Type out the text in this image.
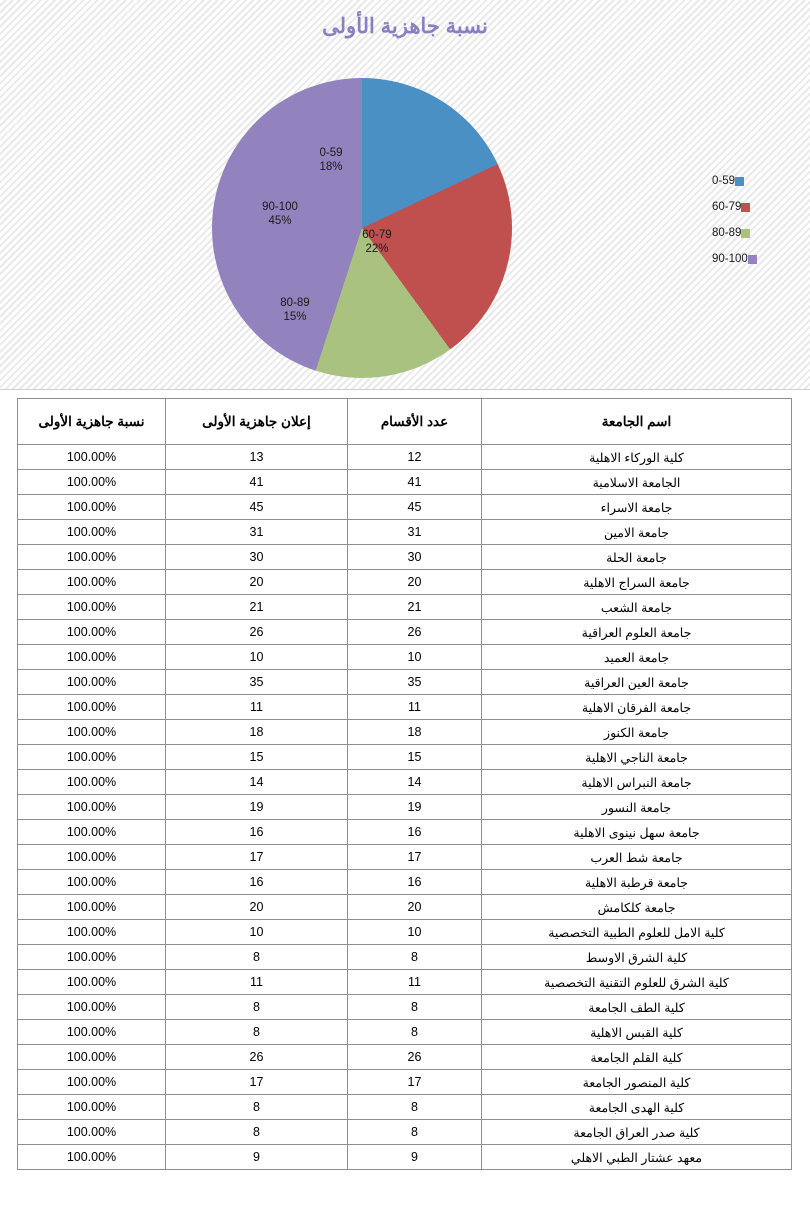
نسبة جاهزية الأولى
0-59
18%
60-79
22%
80-89
15%
90-100
45%
0-59
60-79
80-89
90-100
اسم الجامعة	عدد الأقسام	إعلان جاهزية الأولى	نسبة جاهزية الأولى
كلية الوركاء الاهلية	12	13	100.00%
الجامعة الاسلامية	41	41	100.00%
جامعة الاسراء	45	45	100.00%
جامعة الامين	31	31	100.00%
جامعة الحلة	30	30	100.00%
جامعة السراج الاهلية	20	20	100.00%
جامعة الشعب	21	21	100.00%
جامعة العلوم العراقية	26	26	100.00%
جامعة العميد	10	10	100.00%
جامعة العين العراقية	35	35	100.00%
جامعة الفرقان الاهلية	11	11	100.00%
جامعة الكنوز	18	18	100.00%
جامعة الناجي الاهلية	15	15	100.00%
جامعة النبراس الاهلية	14	14	100.00%
جامعة النسور	19	19	100.00%
جامعة سهل نينوى الاهلية	16	16	100.00%
جامعة شط العرب	17	17	100.00%
جامعة قرطبة الاهلية	16	16	100.00%
جامعة كلكامش	20	20	100.00%
كلية الامل للعلوم الطبية التخصصية	10	10	100.00%
كلية الشرق الاوسط	8	8	100.00%
كلية الشرق للعلوم التقنية التخصصية	11	11	100.00%
كلية الطف الجامعة	8	8	100.00%
كلية القبس الاهلية	8	8	100.00%
كلية القلم الجامعة	26	26	100.00%
كلية المنصور الجامعة	17	17	100.00%
كلية الهدى الجامعة	8	8	100.00%
كلية صدر العراق الجامعة	8	8	100.00%
معهد عشتار الطبي الاهلي	9	9	100.00%
